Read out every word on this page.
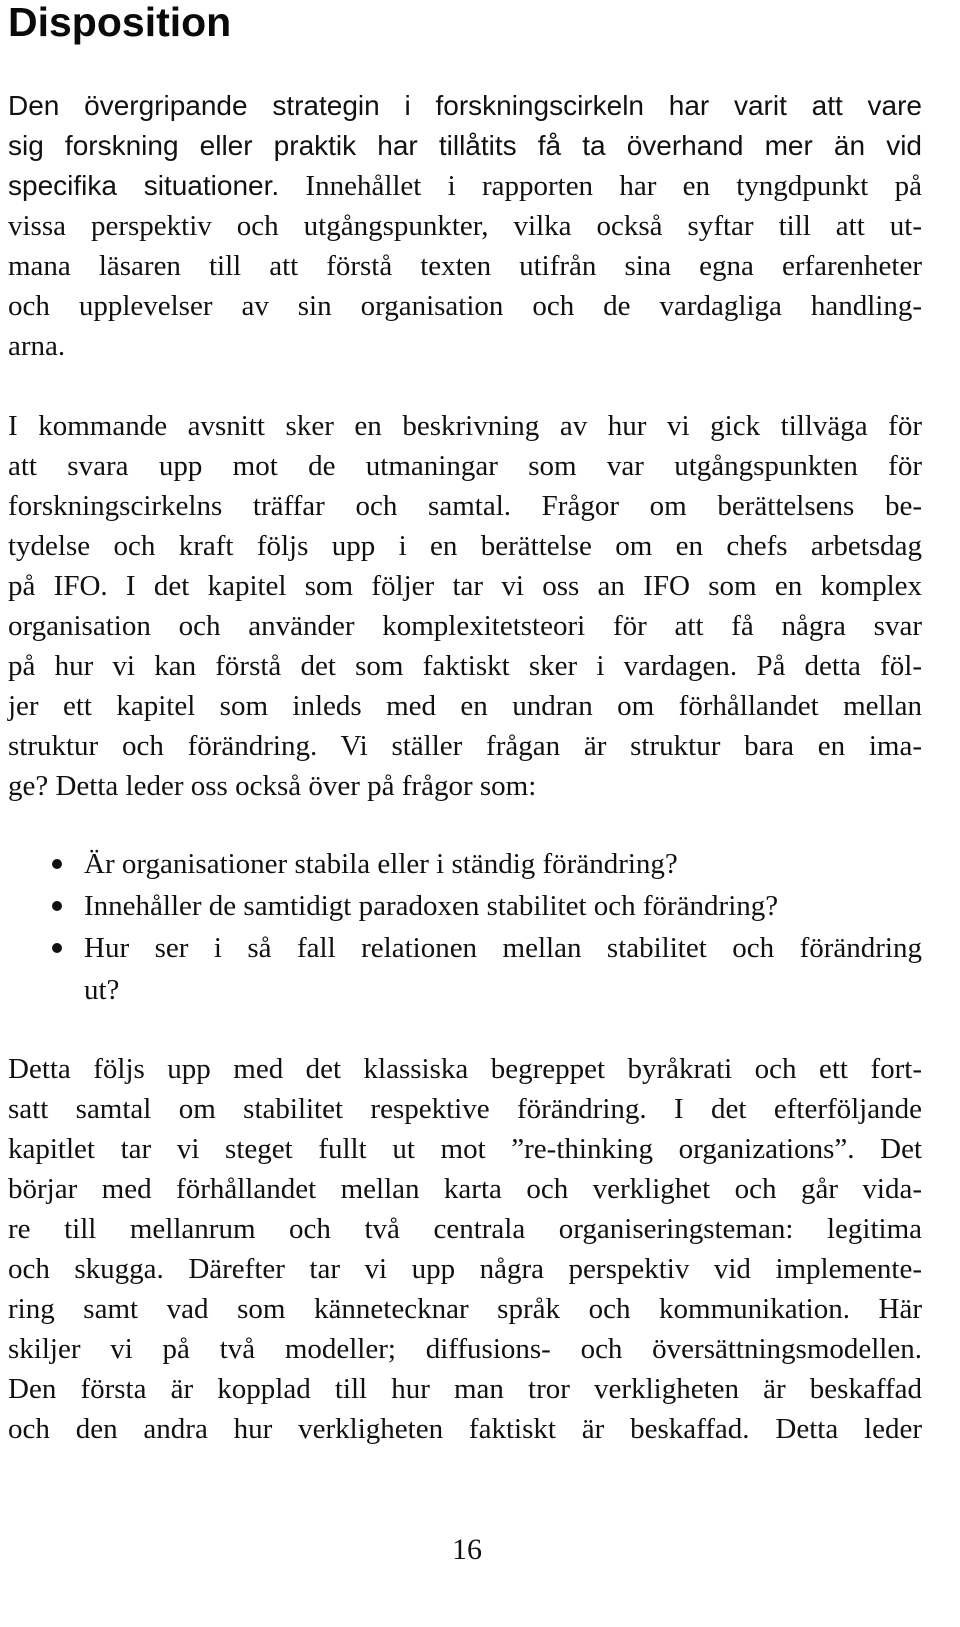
Disposition
Den övergripande strategin i forskningscirkeln har varit att vare
sig forskning eller praktik har tillåtits få ta överhand mer än vid
specifika situationer. Innehållet i rapporten har en tyngdpunkt på
vissa perspektiv och utgångspunkter, vilka också syftar till att ut-
mana läsaren till att förstå texten utifrån sina egna erfarenheter
och upplevelser av sin organisation och de vardagliga handling-
arna.
I kommande avsnitt sker en beskrivning av hur vi gick tillväga för
att svara upp mot de utmaningar som var utgångspunkten för
forskningscirkelns träffar och samtal. Frågor om berättelsens be-
tydelse och kraft följs upp i en berättelse om en chefs arbetsdag
på IFO. I det kapitel som följer tar vi oss an IFO som en komplex
organisation och använder komplexitetsteori för att få några svar
på hur vi kan förstå det som faktiskt sker i vardagen. På detta föl-
jer ett kapitel som inleds med en undran om förhållandet mellan
struktur och förändring. Vi ställer frågan är struktur bara en ima-
ge? Detta leder oss också över på frågor som:
Är organisationer stabila eller i ständig förändring?
Innehåller de samtidigt paradoxen stabilitet och förändring?
Hur ser i så fall relationen mellan stabilitet och förändring
ut?
Detta följs upp med det klassiska begreppet byråkrati och ett fort-
satt samtal om stabilitet respektive förändring. I det efterföljande
kapitlet tar vi steget fullt ut mot ”re-thinking organizations”. Det
börjar med förhållandet mellan karta och verklighet och går vida-
re till mellanrum och två centrala organiseringsteman: legitima
och skugga. Därefter tar vi upp några perspektiv vid implemente-
ring samt vad som kännetecknar språk och kommunikation. Här
skiljer vi på två modeller; diffusions- och översättningsmodellen.
Den första är kopplad till hur man tror verkligheten är beskaffad
och den andra hur verkligheten faktiskt är beskaffad. Detta leder
16
